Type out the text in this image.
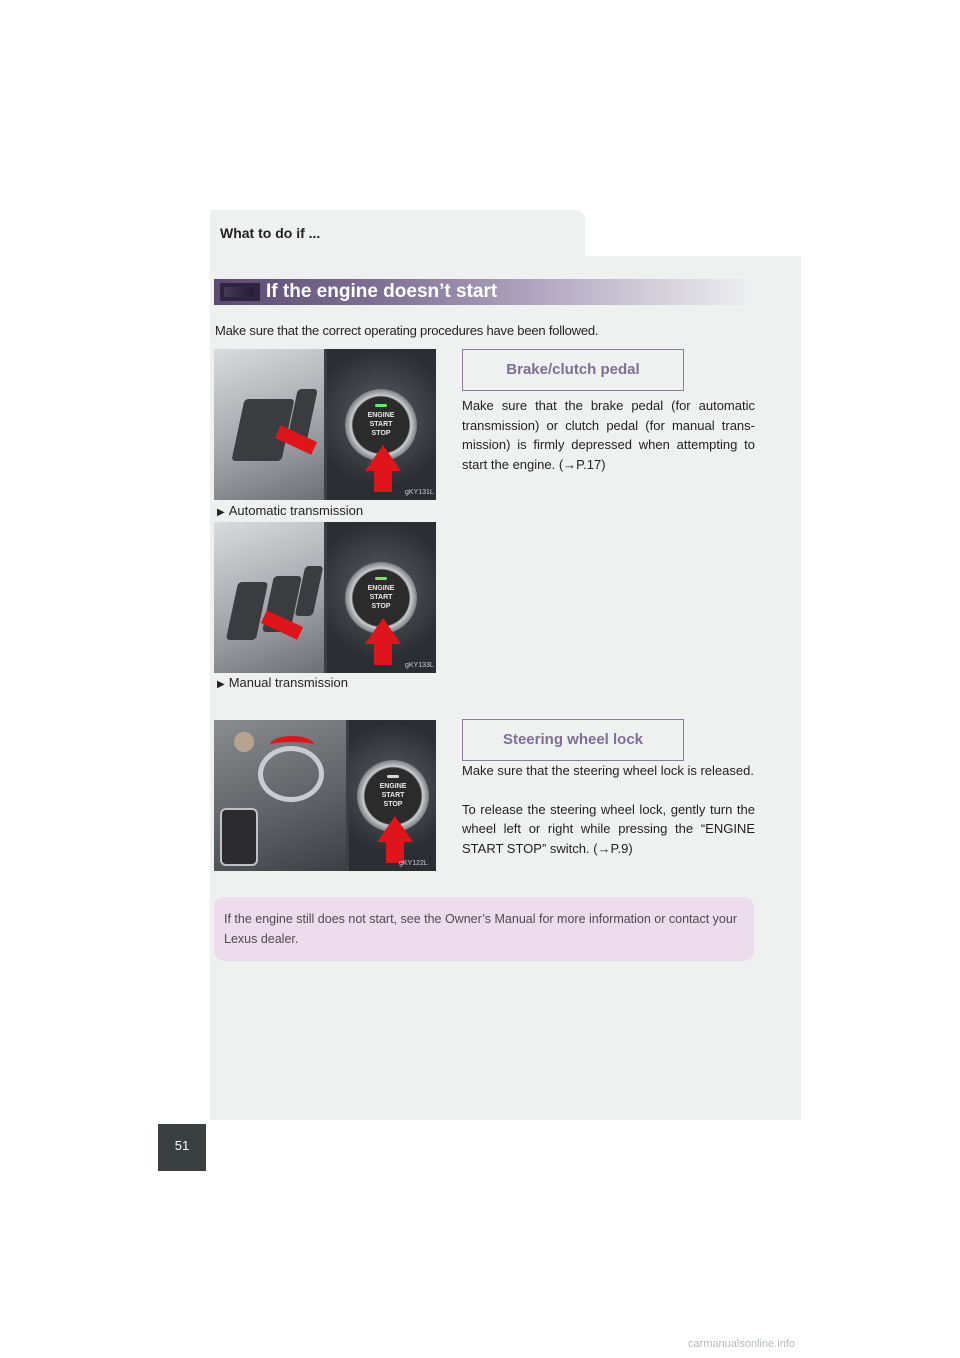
What to do if ...
If the engine doesn’t start
Make sure that the correct operating procedures have been followed.
ENGINE
START
STOP
gKY131L
▶ Automatic transmission
ENGINE
START
STOP
gKY133L
▶ Manual transmission
Brake/clutch pedal

Make sure that the brake pedal (for automatic transmission) or clutch pedal (for manual trans-mission) is firmly depressed when attempting to start the engine. (→P.17)

ENGINE
START
STOP
gKY122L
Steering wheel lock

Make sure that the steering wheel lock is released.

To release the steering wheel lock, gently turn the wheel left or right while pressing the “ENGINE START STOP” switch. (→P.9)

If the engine still does not start, see the Owner’s Manual for more information or contact your Lexus dealer.
51
carmanualsonline.info
